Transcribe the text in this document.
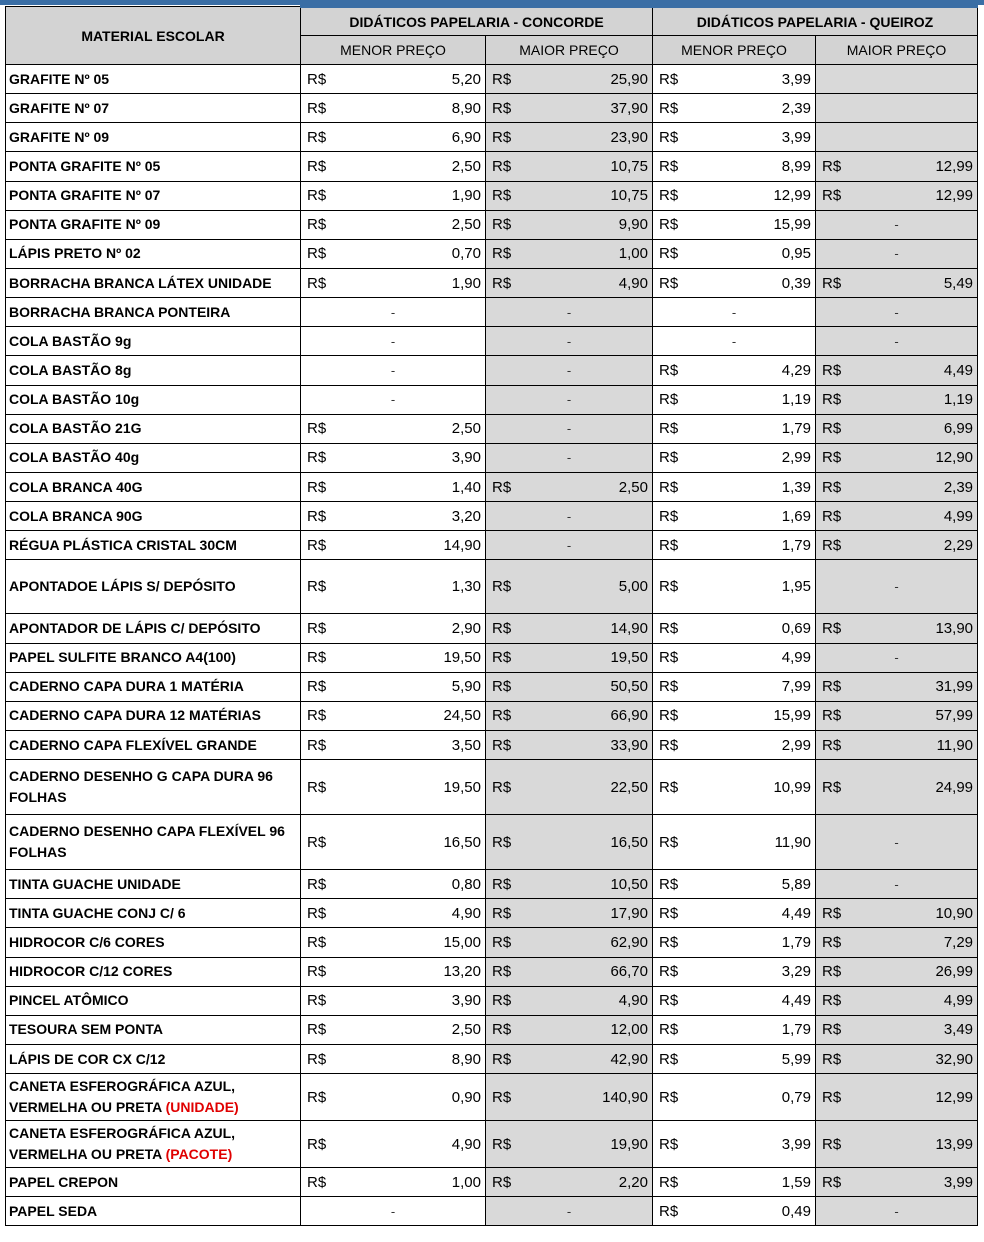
MATERIAL ESCOLAR	DIDÁTICOS PAPELARIA - CONCORDE		DIDÁTICOS PAPELARIA - QUEIROZ	
	MENOR PREÇO	MAIOR PREÇO	MENOR PREÇO	MAIOR PREÇO
GRAFITE Nº 05	R$ 5,20	R$ 25,90	R$ 3,99	

GRAFITE Nº 07	R$ 8,90	R$ 37,90	R$ 2,39	

GRAFITE Nº 09	R$ 6,90	R$ 23,90	R$ 3,99	

PONTA GRAFITE Nº 05	R$ 2,50	R$ 10,75	R$ 8,99	R$ 12,99

PONTA GRAFITE Nº 07	R$ 1,90	R$ 10,75	R$ 12,99	R$ 12,99

PONTA GRAFITE Nº 09	R$ 2,50	R$ 9,90	R$ 15,99	-

LÁPIS PRETO Nº 02	R$ 0,70	R$ 1,00	R$ 0,95	-

BORRACHA BRANCA LÁTEX UNIDADE	R$ 1,90	R$ 4,90	R$ 0,39	R$ 5,49

BORRACHA BRANCA PONTEIRA	-	-	-	-

COLA BASTÃO 9g	-	-	-	-

COLA BASTÃO 8g	-	-	R$ 4,29	R$ 4,49

COLA BASTÃO 10g	-	-	R$ 1,19	R$ 1,19

COLA BASTÃO 21G	R$ 2,50	-	R$ 1,79	R$ 6,99

COLA BASTÃO 40g	R$ 3,90	-	R$ 2,99	R$ 12,90

COLA BRANCA 40G	R$ 1,40	R$ 2,50	R$ 1,39	R$ 2,39

COLA BRANCA 90G	R$ 3,20	-	R$ 1,69	R$ 4,99

RÉGUA PLÁSTICA CRISTAL 30CM	R$ 14,90	-	R$ 1,79	R$ 2,29

APONTADOE LÁPIS S/ DEPÓSITO	R$ 1,30	R$ 5,00	R$ 1,95	-

APONTADOR DE LÁPIS C/ DEPÓSITO	R$ 2,90	R$ 14,90	R$ 0,69	R$ 13,90

PAPEL SULFITE BRANCO A4(100)	R$ 19,50	R$ 19,50	R$ 4,99	-

CADERNO CAPA DURA 1 MATÉRIA	R$ 5,90	R$ 50,50	R$ 7,99	R$ 31,99

CADERNO CAPA DURA 12 MATÉRIAS	R$ 24,50	R$ 66,90	R$ 15,99	R$ 57,99

CADERNO CAPA FLEXÍVEL GRANDE	R$ 3,50	R$ 33,90	R$ 2,99	R$ 11,90

CADERNO DESENHO G CAPA DURA 96 FOLHAS	R$ 19,50	R$ 22,50	R$ 10,99	R$ 24,99

CADERNO DESENHO CAPA FLEXÍVEL 96 FOLHAS	R$ 16,50	R$ 16,50	R$ 11,90	-

TINTA GUACHE UNIDADE	R$ 0,80	R$ 10,50	R$ 5,89	-

TINTA GUACHE CONJ C/ 6	R$ 4,90	R$ 17,90	R$ 4,49	R$ 10,90

HIDROCOR C/6 CORES	R$ 15,00	R$ 62,90	R$ 1,79	R$ 7,29

HIDROCOR C/12 CORES	R$ 13,20	R$ 66,70	R$ 3,29	R$ 26,99

PINCEL ATÔMICO	R$ 3,90	R$ 4,90	R$ 4,49	R$ 4,99

TESOURA SEM PONTA	R$ 2,50	R$ 12,00	R$ 1,79	R$ 3,49

LÁPIS DE COR CX C/12	R$ 8,90	R$ 42,90	R$ 5,99	R$ 32,90

CANETA ESFEROGRÁFICA AZUL, VERMELHA OU PRETA (UNIDADE)	R$ 0,90	R$ 140,90	R$ 0,79	R$ 12,99

CANETA ESFEROGRÁFICA AZUL, VERMELHA OU PRETA (PACOTE)	R$ 4,90	R$ 19,90	R$ 3,99	R$ 13,99

PAPEL CREPON	R$ 1,00	R$ 2,20	R$ 1,59	R$ 3,99

PAPEL SEDA	-	-	R$ 0,49	-
